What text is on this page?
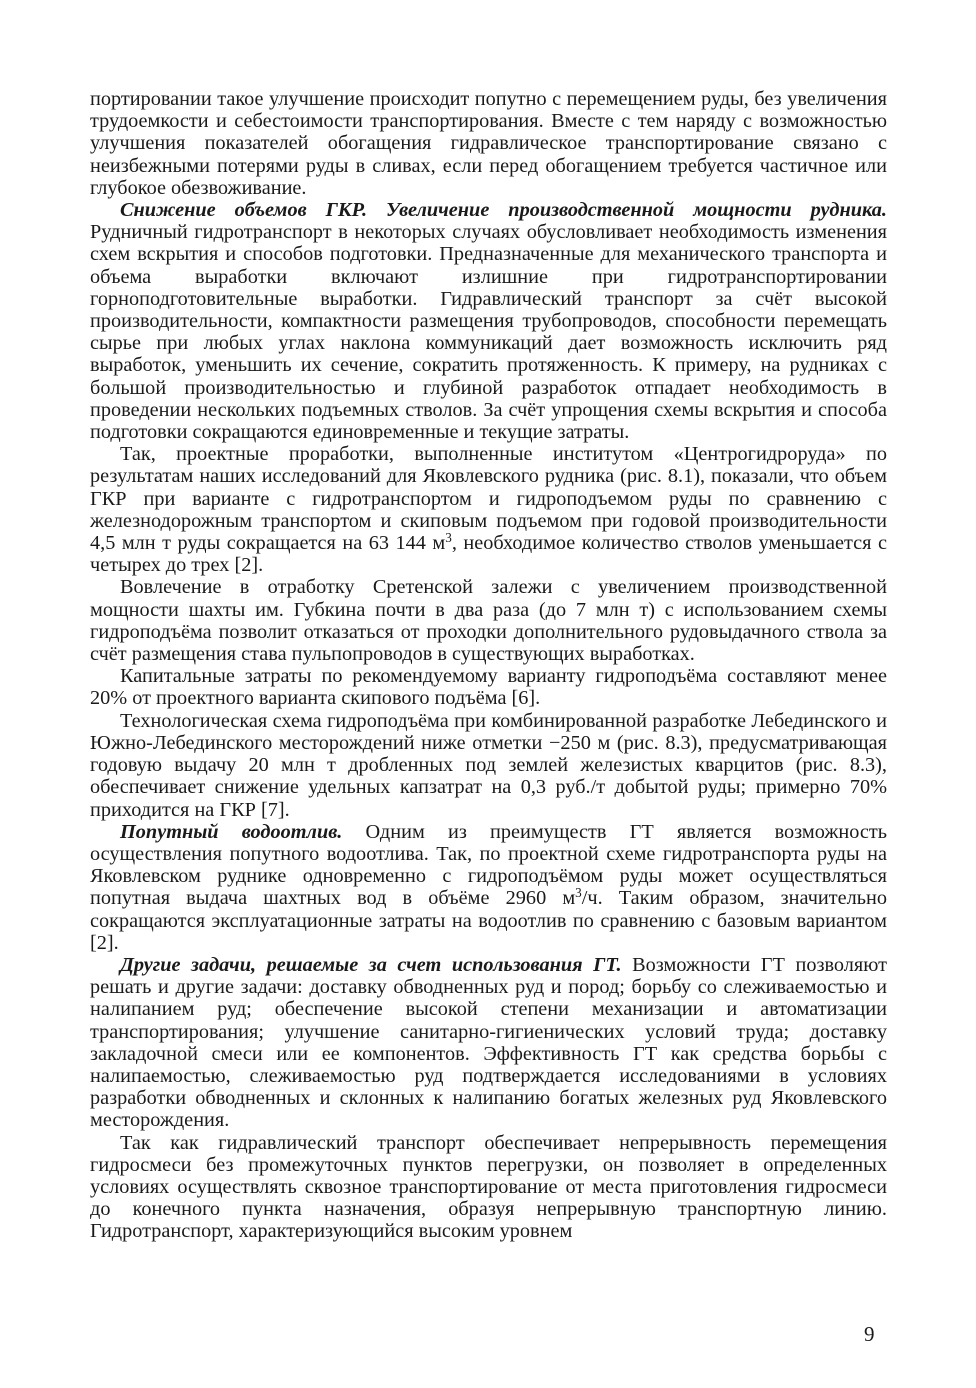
портировании такое улучшение происходит попутно с перемещением руды, без увеличения трудоемкости и себестоимости транспортирования. Вместе с тем наряду с возможностью улучшения показателей обогащения гидравлическое транспортирование связано с неизбежными потерями руды в сливах, если перед обогащением требуется частичное или глубокое обезвоживание.

Снижение объемов ГКР. Увеличение производственной мощности рудника. Рудничный гидротранспорт в некоторых случаях обусловливает необходимость изменения схем вскрытия и способов подготовки. Предназначенные для механического транспорта и объема выработки включают излишние при гидротранспортировании горноподготовительные выработки. Гидравлический транспорт за счёт высокой производительности, компактности размещения трубопроводов, способности перемещать сырье при любых углах наклона коммуникаций дает возможность исключить ряд выработок, уменьшить их сечение, сократить протяженность. К примеру, на рудниках с большой производительностью и глубиной разработок отпадает необходимость в проведении нескольких подъемных стволов. За счёт упрощения схемы вскрытия и способа подготовки сокращаются единовременные и текущие затраты.

Так, проектные проработки, выполненные институтом «Центрогидроруда» по результатам наших исследований для Яковлевского рудника (рис. 8.1), показали, что объем ГКР при варианте с гидротранспортом и гидроподъемом руды по сравнению с железнодорожным транспортом и скиповым подъемом при годовой производительности 4,5 млн т руды сокращается на 63 144 $м^3$, необходимое количество стволов уменьшается с четырех до трех [2].

Вовлечение в отработку Сретенской залежи с увеличением производственной мощности шахты им. Губкина почти в два раза (до 7 млн т) с использованием схемы гидроподъёма позволит отказаться от проходки дополнительного рудовыдачного ствола за счёт размещения става пульпопроводов в существующих выработках.

Капитальные затраты по рекомендуемому варианту гидроподъёма составляют менее 20% от проектного варианта скипового подъёма [6].

Технологическая схема гидроподъёма при комбинированной разработке Лебединского и Южно-Лебединского месторождений ниже отметки −250 м (рис. 8.3), предусматривающая годовую выдачу 20 млн т дробленных под землей железистых кварцитов (рис. 8.3), обеспечивает снижение удельных капзатрат на 0,3 руб./т добытой руды; примерно 70% приходится на ГКР [7].

Попутный водоотлив. Одним из преимуществ ГТ является возможность осуществления попутного водоотлива. Так, по проектной схеме гидротранспорта руды на Яковлевском руднике одновременно с гидроподъёмом руды может осуществляться попутная выдача шахтных вод в объёме 2960 $м^3/ч$. Таким образом, значительно сокращаются эксплуатационные затраты на водоотлив по сравнению с базовым вариантом [2].

Другие задачи, решаемые за счет использования ГТ. Возможности ГТ позволяют решать и другие задачи: доставку обводненных руд и пород; борьбу со слеживаемостью и налипанием руд; обеспечение высокой степени механизации и автоматизации транспортирования; улучшение санитарно-гигиенических условий труда; доставку закладочной смеси или ее компонентов. Эффективность ГТ как средства борьбы с налипаемостью, слеживаемостью руд подтверждается исследованиями в условиях разработки обводненных и склонных к налипанию богатых железных руд Яковлевского месторождения.

Так как гидравлический транспорт обеспечивает непрерывность перемещения гидросмеси без промежуточных пунктов перегрузки, он позволяет в определенных условиях осуществлять сквозное транспортирование от места приготовления гидросмеси до конечного пункта назначения, образуя непрерывную транспортную линию. Гидротранспорт, характеризующийся высоким уровнем

9
